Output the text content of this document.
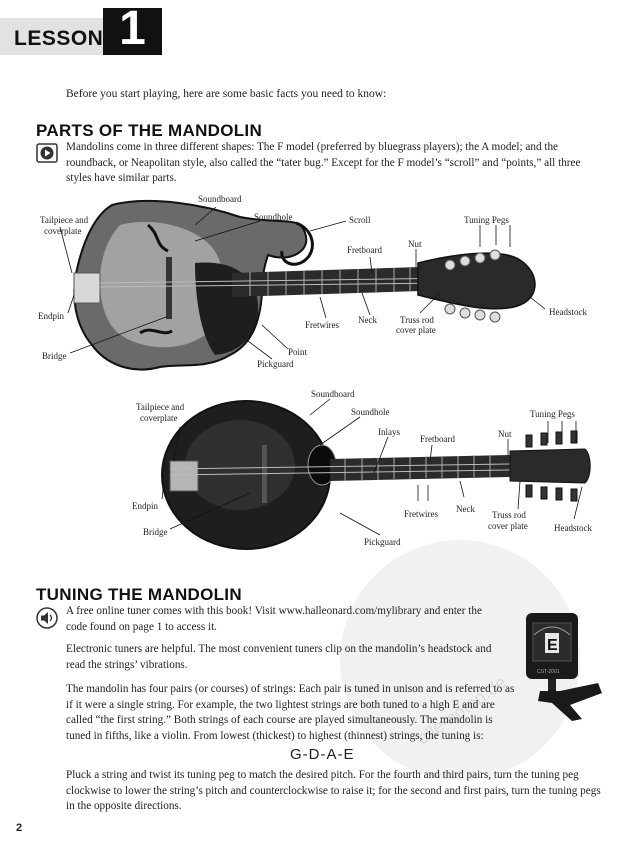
LESSON 1
Before you start playing, here are some basic facts you need to know:
alle-noten.de
PARTS OF THE MANDOLIN
Mandolins come in three different shapes: The F model (preferred by bluegrass players); the A model; and the roundback, or Neapolitan style, also called the “tater bug.” Except for the F model’s “scroll” and “points,” all three styles have similar parts.
Soundboard
Soundhole	Scroll
Tailpiece and
coverplate
Fretboard
Nut
Tuning Pegs
Endpin	Headstock
Fretwires Neck	Truss rod
cover plate
Bridge	Point
Pickguard
Soundboard
Tailpiece and
coverplate
Soundhole	Tuning Pegs
Inlays
Fretboard	Nut
Endpin
Fretwires Neck
Truss rod
cover plate	Headstock
Bridge
Pickguard
TUNING THE MANDOLIN
A free online tuner comes with this book! Visit www.halleonard.com/mylibrary and enter the code found on page 1 to access it.
Electronic tuners are helpful. The most convenient tuners clip on the mandolin’s headstock and read the strings’ vibrations.
The mandolin has four pairs (or courses) of strings: Each pair is tuned in unison and is referred to as if it were a single string. For example, the two lightest strings are both tuned to a high E and are called “the first string.” Both strings of each course are played simultaneously. The mandolin is tuned in fifths, like a violin. From lowest (thickest) to highest (thinnest) strings, the tuning is:
G-D-A-E
Pluck a string and twist its tuning peg to match the desired pitch. For the fourth and third pairs, turn the tuning peg clockwise to lower the string’s pitch and counterclockwise to raise it; for the second and first pairs, turn the tuning pegs in the opposite directions.
E
CST-2001
2
